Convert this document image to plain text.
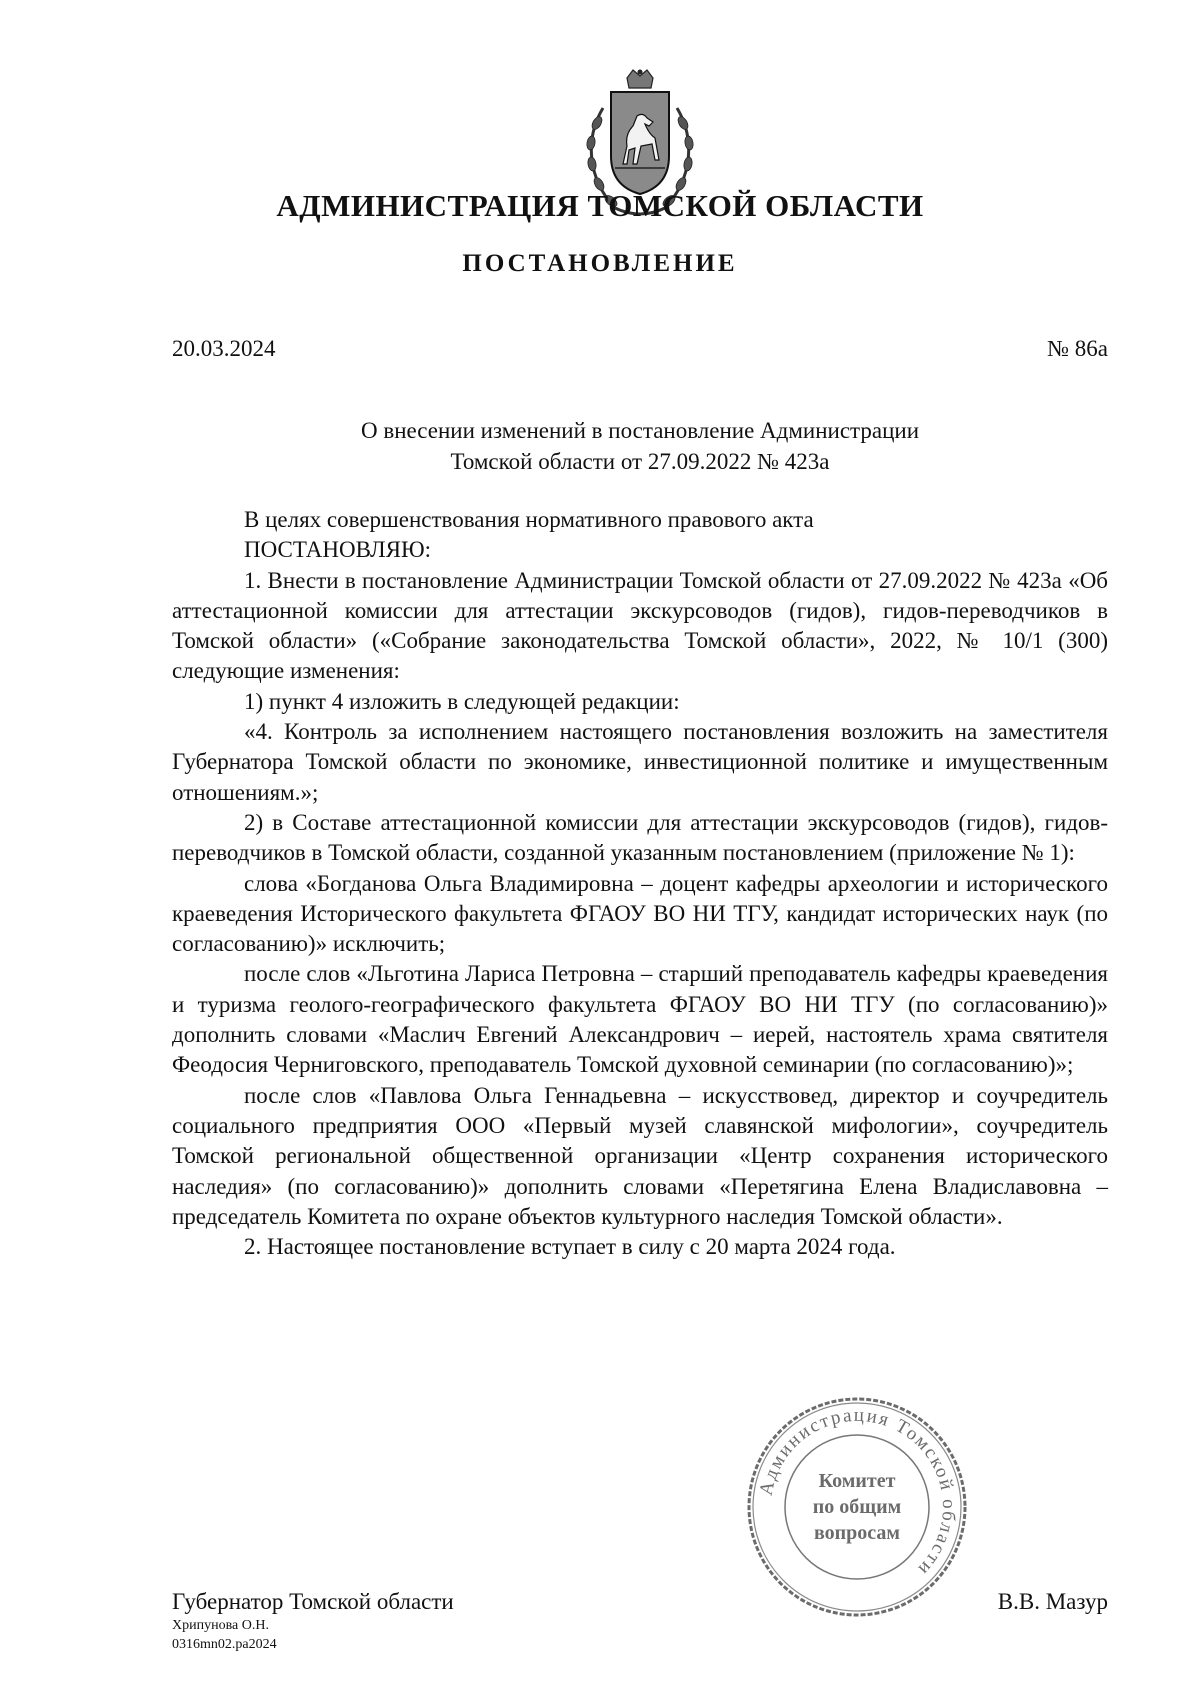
АДМИНИСТРАЦИЯ ТОМСКОЙ ОБЛАСТИ
ПОСТАНОВЛЕНИЕ
20.03.2024	№ 86а
О внесении изменений в постановление Администрации
Томской области от 27.09.2022 № 423а

В целях совершенствования нормативного правового акта

ПОСТАНОВЛЯЮ:

1. Внести в постановление Администрации Томской области от 27.09.2022 № 423а «Об аттестационной комиссии для аттестации экскурсоводов (гидов), гидов-переводчиков в Томской области» («Собрание законодательства Томской области», 2022, № 10/1 (300) следующие изменения:

1) пункт 4 изложить в следующей редакции:

«4. Контроль за исполнением настоящего постановления возложить на заместителя Губернатора Томской области по экономике, инвестиционной политике и имущественным отношениям.»;

2) в Составе аттестационной комиссии для аттестации экскурсоводов (гидов), гидов-переводчиков в Томской области, созданной указанным постановлением (приложение № 1):

слова «Богданова Ольга Владимировна – доцент кафедры археологии и исторического краеведения Исторического факультета ФГАОУ ВО НИ ТГУ, кандидат исторических наук (по согласованию)» исключить;

после слов «Льготина Лариса Петровна – старший преподаватель кафедры краеведения и туризма геолого-географического факультета ФГАОУ ВО НИ ТГУ (по согласованию)» дополнить словами «Маслич Евгений Александрович – иерей, настоятель храма святителя Феодосия Черниговского, преподаватель Томской духовной семинарии (по согласованию)»;

после слов «Павлова Ольга Геннадьевна – искусствовед, директор и соучредитель социального предприятия ООО «Первый музей славянской мифологии», соучредитель Томской региональной общественной организации «Центр сохранения исторического наследия» (по согласованию)» дополнить словами «Перетягина Елена Владиславовна – председатель Комитета по охране объектов культурного наследия Томской области».

2. Настоящее постановление вступает в силу с 20 марта 2024 года.

Администрация Томской области
Комитет
по общим
вопросам
Губернатор Томской области	В.В. Мазур
Хрипунова О.Н.
0316mn02.pa2024
